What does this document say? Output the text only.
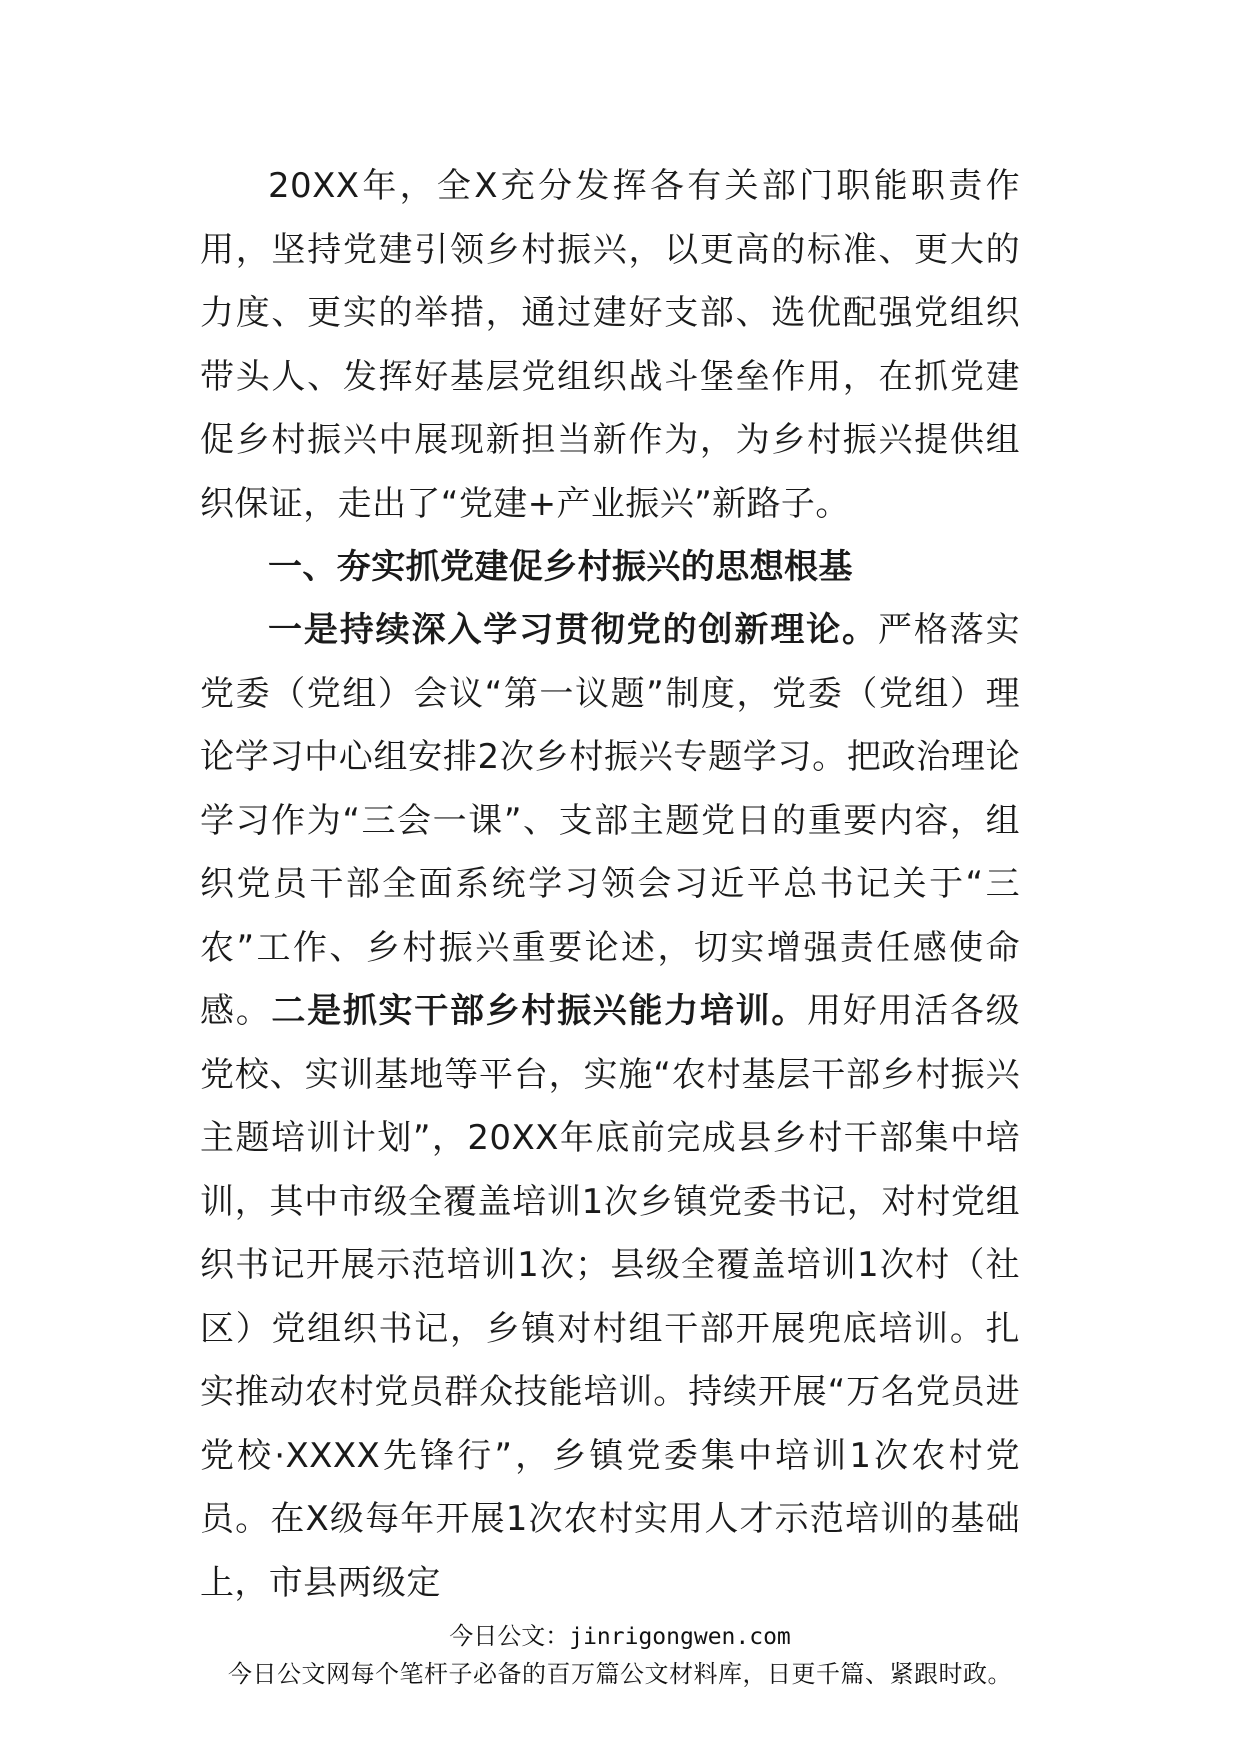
20XX年，全X充分发挥各有关部门职能职责作用，坚持党建引领乡村振兴，以更高的标准、更大的力度、更实的举措，通过建好支部、选优配强党组织带头人、发挥好基层党组织战斗堡垒作用，在抓党建促乡村振兴中展现新担当新作为，为乡村振兴提供组织保证，走出了“党建+产业振兴”新路子。

一、夯实抓党建促乡村振兴的思想根基

一是持续深入学习贯彻党的创新理论。严格落实党委（党组）会议“第一议题”制度，党委（党组）理论学习中心组安排2次乡村振兴专题学习。把政治理论学习作为“三会一课”、支部主题党日的重要内容，组织党员干部全面系统学习领会习近平总书记关于“三农”工作、乡村振兴重要论述，切实增强责任感使命感。二是抓实干部乡村振兴能力培训。用好用活各级党校、实训基地等平台，实施“农村基层干部乡村振兴主题培训计划”，20XX年底前完成县乡村干部集中培训，其中市级全覆盖培训1次乡镇党委书记，对村党组织书记开展示范培训1次；县级全覆盖培训1次村（社区）党组织书记，乡镇对村组干部开展兜底培训。扎实推动农村党员群众技能培训。持续开展“万名党员进党校·XXXX先锋行”，乡镇党委集中培训1次农村党员。在X级每年开展1次农村实用人才示范培训的基础上，市县两级定

今日公文：jinrigongwen.com
今日公文网每个笔杆子必备的百万篇公文材料库，日更千篇、紧跟时政。
